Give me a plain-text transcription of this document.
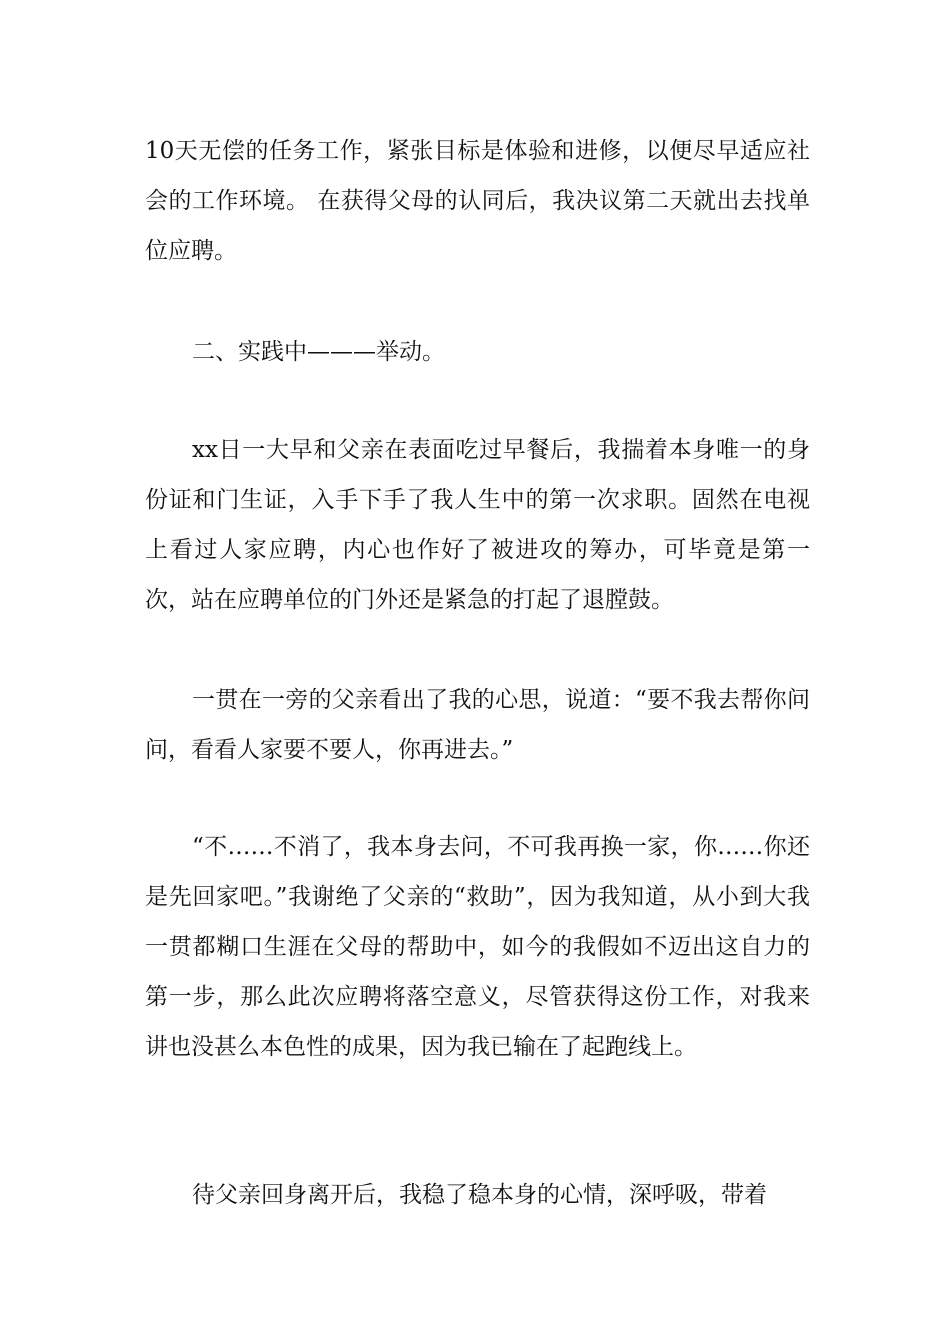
10天无偿的任务工作，紧张目标是体验和进修，以便尽早适应社会的工作环境。 在获得父母的认同后，我决议第二天就出去找单位应聘。

二、实践中———举动。

xx日一大早和父亲在表面吃过早餐后，我揣着本身唯一的身份证和门生证，入手下手了我人生中的第一次求职。固然在电视上看过人家应聘，内心也作好了被进攻的筹办，可毕竟是第一次，站在应聘单位的门外还是紧急的打起了退膛鼓。

一贯在一旁的父亲看出了我的心思，说道：“要不我去帮你问问，看看人家要不要人，你再进去。”

“不……不消了，我本身去问，不可我再换一家，你……你还是先回家吧。”我谢绝了父亲的“救助”，因为我知道，从小到大我一贯都糊口生涯在父母的帮助中，如今的我假如不迈出这自力的第一步，那么此次应聘将落空意义，尽管获得这份工作，对我来讲也没甚么本色性的成果，因为我已输在了起跑线上。

待父亲回身离开后，我稳了稳本身的心情，深呼吸，带着
